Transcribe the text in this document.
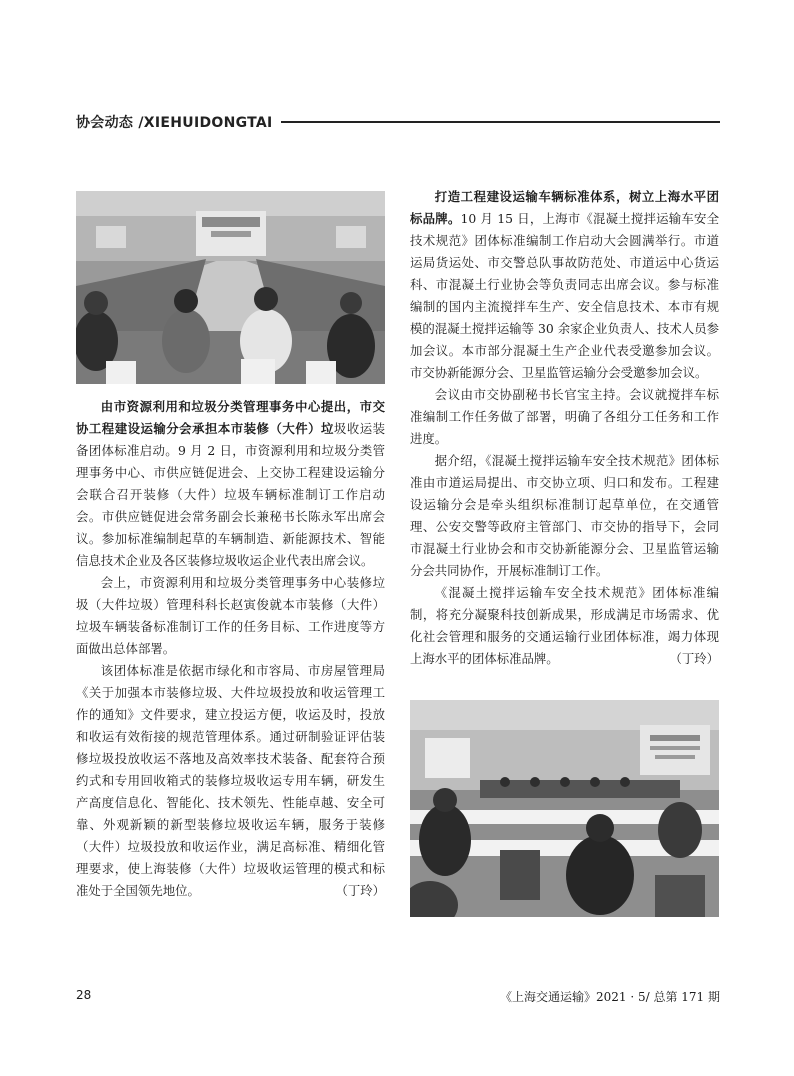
协会动态 /XIEHUIDONGTAI

由市资源利用和垃圾分类管理事务中心提出，市交协工程建设运输分会承担本市装修（大件）垃圾收运装备团体标准启动。9 月 2 日，市资源利用和垃圾分类管理事务中心、市供应链促进会、上交协工程建设运输分会联合召开装修（大件）垃圾车辆标准制订工作启动会。市供应链促进会常务副会长兼秘书长陈永军出席会议。参加标准编制起草的车辆制造、新能源技术、智能信息技术企业及各区装修垃圾收运企业代表出席会议。

会上，市资源利用和垃圾分类管理事务中心装修垃圾（大件垃圾）管理科科长赵寅俊就本市装修（大件）垃圾车辆装备标准制订工作的任务目标、工作进度等方面做出总体部署。

该团体标准是依据市绿化和市容局、市房屋管理局《关于加强本市装修垃圾、大件垃圾投放和收运管理工作的通知》文件要求，建立投运方便，收运及时，投放和收运有效衔接的规范管理体系。通过研制验证评估装修垃圾投放收运不落地及高效率技术装备、配套符合预约式和专用回收箱式的装修垃圾收运专用车辆，研发生产高度信息化、智能化、技术领先、性能卓越、安全可靠、外观新颖的新型装修垃圾收运车辆，服务于装修（大件）垃圾投放和收运作业，满足高标准、精细化管理要求，使上海装修（大件）垃圾收运管理的模式和标准处于全国领先地位。	（丁玲）

打造工程建设运输车辆标准体系，树立上海水平团标品牌。10 月 15 日，上海市《混凝土搅拌运输车安全技术规范》团体标准编制工作启动大会圆满举行。市道运局货运处、市交警总队事故防范处、市道运中心货运科、市混凝土行业协会等负责同志出席会议。参与标准编制的国内主流搅拌车生产、安全信息技术、本市有规模的混凝土搅拌运输等 30 余家企业负责人、技术人员参加会议。本市部分混凝土生产企业代表受邀参加会议。市交协新能源分会、卫星监管运输分会受邀参加会议。

会议由市交协副秘书长官宝主持。会议就搅拌车标准编制工作任务做了部署，明确了各组分工任务和工作进度。

据介绍，《混凝土搅拌运输车安全技术规范》团体标准由市道运局提出、市交协立项、归口和发布。工程建设运输分会是牵头组织标准制订起草单位，在交通管理、公安交警等政府主管部门、市交协的指导下，会同市混凝土行业协会和市交协新能源分会、卫星监管运输分会共同协作，开展标准制订工作。

《混凝土搅拌运输车安全技术规范》团体标准编制，将充分凝聚科技创新成果，形成满足市场需求、优化社会管理和服务的交通运输行业团体标准，竭力体现上海水平的团体标准品牌。	（丁玲）

28	《上海交通运输》2021 · 5/ 总第 171 期
